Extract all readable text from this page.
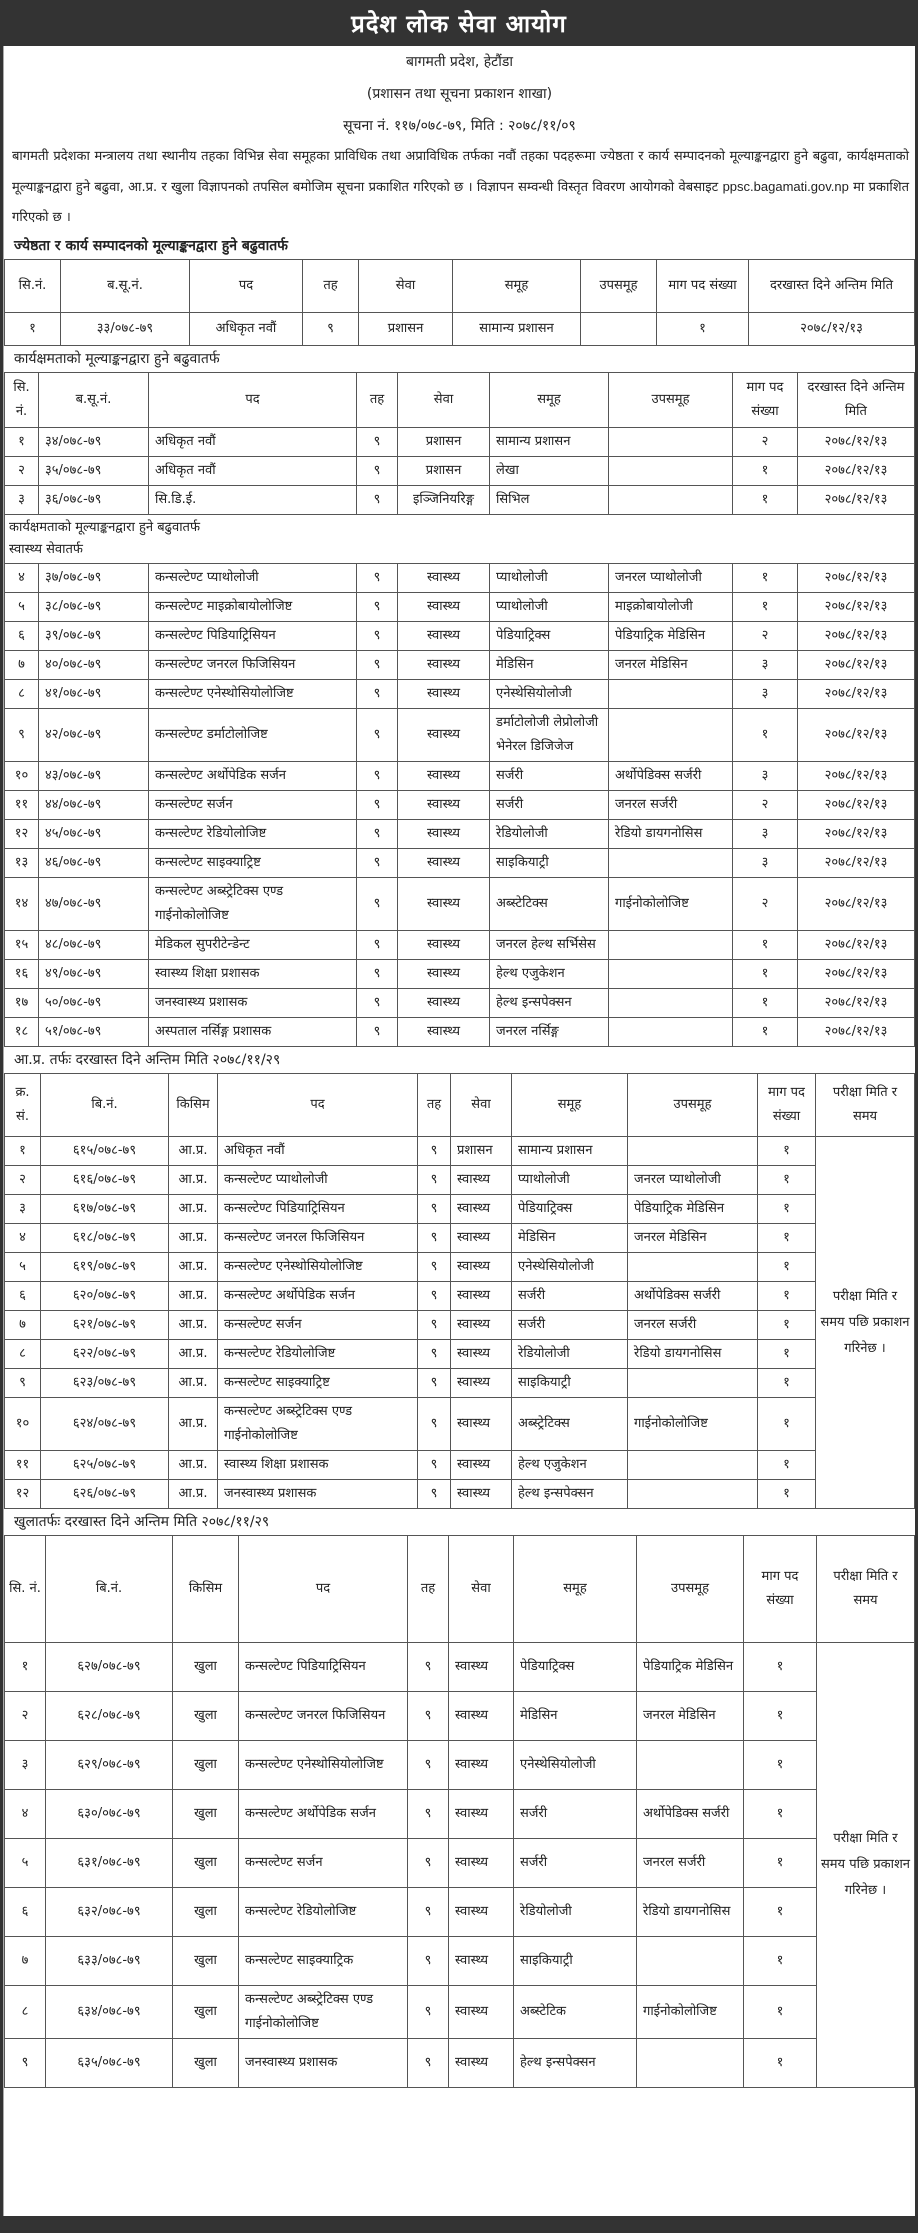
प्रदेश लोक सेवा आयोग
बागमती प्रदेश, हेटौंडा
(प्रशासन तथा सूचना प्रकाशन शाखा)
सूचना नं. ११७/०७८-७९, मिति : २०७८/११/०९
बागमती प्रदेशका मन्त्रालय तथा स्थानीय तहका विभिन्न सेवा समूहका प्राविधिक तथा अप्राविधिक तर्फका नवौं तहका पदहरूमा ज्येष्ठता र कार्य सम्पादनको मूल्याङ्कनद्वारा हुने बढुवा, कार्यक्षमताको मूल्याङ्कनद्वारा हुने बढुवा, आ.प्र. र खुला विज्ञापनको तपसिल बमोजिम सूचना प्रकाशित गरिएको छ । विज्ञापन सम्वन्धी विस्तृत विवरण आयोगको वेबसाइट ppsc.bagamati.gov.np मा प्रकाशित गरिएको छ ।
ज्येष्ठता र कार्य सम्पादनको मूल्याङ्कनद्वारा हुने बढुवातर्फ
सि.नं.	ब.सू.नं.	पद	तह	सेवा	समूह	उपसमूह	माग पद संख्या	दरखास्त दिने अन्तिम मिति
१	३३/०७८-७९	अधिकृत नवौं	९	प्रशासन	सामान्य प्रशासन		१	२०७८/१२/१३
कार्यक्षमताको मूल्याङ्कनद्वारा हुने बढुवातर्फ
सि. नं.	ब.सू.नं.	पद	तह	सेवा	समूह	उपसमूह	माग पद संख्या	दरखास्त दिने अन्तिम मिति
१	३४/०७८-७९	अधिकृत नवौं	९	प्रशासन	सामान्य प्रशासन		२	२०७८/१२/१३
२	३५/०७८-७९	अधिकृत नवौं	९	प्रशासन	लेखा		१	२०७८/१२/१३
३	३६/०७८-७९	सि.डि.ई.	९	इञ्जिनियरिङ्ग	सिभिल		१	२०७८/१२/१३

कार्यक्षमताको मूल्याङ्कनद्वारा हुने बढुवातर्फ
स्वास्थ्य सेवातर्फ								

४	३७/०७८-७९	कन्सल्टेण्ट प्याथोलोजी	९	स्वास्थ्य	प्याथोलोजी	जनरल प्याथोलोजी	१	२०७८/१२/१३
५	३८/०७८-७९	कन्सल्टेण्ट माइक्रोबायोलोजिष्ट	९	स्वास्थ्य	प्याथोलोजी	माइक्रोबायोलोजी	१	२०७८/१२/१३
६	३९/०७८-७९	कन्सल्टेण्ट पिडियाट्रिसियन	९	स्वास्थ्य	पेडियाट्रिक्स	पेडियाट्रिक मेडिसिन	२	२०७८/१२/१३
७	४०/०७८-७९	कन्सल्टेण्ट जनरल फिजिसियन	९	स्वास्थ्य	मेडिसिन	जनरल मेडिसिन	३	२०७८/१२/१३
८	४१/०७८-७९	कन्सल्टेण्ट एनेस्थोसियोलोजिष्ट	९	स्वास्थ्य	एनेस्थेसियोलोजी		३	२०७८/१२/१३
९	४२/०७८-७९	कन्सल्टेण्ट डर्माटोलोजिष्ट	९	स्वास्थ्य	डर्माटोलोजी लेप्रोलोजी भेनेरल डिजिजेज		१	२०७८/१२/१३
१०	४३/०७८-७९	कन्सल्टेण्ट अर्थोपेडिक सर्जन	९	स्वास्थ्य	सर्जरी	अर्थोपेडिक्स सर्जरी	३	२०७८/१२/१३
११	४४/०७८-७९	कन्सल्टेण्ट सर्जन	९	स्वास्थ्य	सर्जरी	जनरल सर्जरी	२	२०७८/१२/१३
१२	४५/०७८-७९	कन्सल्टेण्ट रेडियोलोजिष्ट	९	स्वास्थ्य	रेडियोलोजी	रेडियो डायगनोसिस	३	२०७८/१२/१३
१३	४६/०७८-७९	कन्सल्टेण्ट साइक्याट्रिष्ट	९	स्वास्थ्य	साइकियाट्री		३	२०७८/१२/१३
१४	४७/०७८-७९	कन्सल्टेण्ट अब्स्ट्रेटिक्स एण्ड गाईनोकोलोजिष्ट	९	स्वास्थ्य	अब्स्टेटिक्स	गाईनोकोलोजिष्ट	२	२०७८/१२/१३
१५	४८/०७८-७९	मेडिकल सुपरीटेन्डेन्ट	९	स्वास्थ्य	जनरल हेल्थ सर्भिसेस		१	२०७८/१२/१३
१६	४९/०७८-७९	स्वास्थ्य शिक्षा प्रशासक	९	स्वास्थ्य	हेल्थ एजुकेशन		१	२०७८/१२/१३
१७	५०/०७८-७९	जनस्वास्थ्य प्रशासक	९	स्वास्थ्य	हेल्थ इन्सपेक्सन		१	२०७८/१२/१३
१८	५१/०७८-७९	अस्पताल नर्सिङ्ग प्रशासक	९	स्वास्थ्य	जनरल नर्सिङ्ग		१	२०७८/१२/१३
आ.प्र. तर्फः दरखास्त दिने अन्तिम मिति २०७८/११/२९
क्र. सं.	बि.नं.	किसिम	पद	तह	सेवा	समूह	उपसमूह	माग पद संख्या	परीक्षा मिति र समय
१	६१५/०७८-७९	आ.प्र.	अधिकृत नवौं	९	प्रशासन	सामान्य प्रशासन		१	परीक्षा मिति र समय पछि प्रकाशन गरिनेछ ।
२	६१६/०७८-७९	आ.प्र.	कन्सल्टेण्ट प्याथोलोजी	९	स्वास्थ्य	प्याथोलोजी	जनरल प्याथोलोजी	१	
३	६१७/०७८-७९	आ.प्र.	कन्सल्टेण्ट पिडियाट्रिसियन	९	स्वास्थ्य	पेडियाट्रिक्स	पेडियाट्रिक मेडिसिन	१	
४	६१८/०७८-७९	आ.प्र.	कन्सल्टेण्ट जनरल फिजिसियन	९	स्वास्थ्य	मेडिसिन	जनरल मेडिसिन	१	
५	६१९/०७८-७९	आ.प्र.	कन्सल्टेण्ट एनेस्थोसियोलोजिष्ट	९	स्वास्थ्य	एनेस्थेसियोलोजी		१	
६	६२०/०७८-७९	आ.प्र.	कन्सल्टेण्ट अर्थोपेडिक सर्जन	९	स्वास्थ्य	सर्जरी	अर्थोपेडिक्स सर्जरी	१	
७	६२१/०७८-७९	आ.प्र.	कन्सल्टेण्ट सर्जन	९	स्वास्थ्य	सर्जरी	जनरल सर्जरी	१	
८	६२२/०७८-७९	आ.प्र.	कन्सल्टेण्ट रेडियोलोजिष्ट	९	स्वास्थ्य	रेडियोलोजी	रेडियो डायगनोसिस	१	
९	६२३/०७८-७९	आ.प्र.	कन्सल्टेण्ट साइक्याट्रिष्ट	९	स्वास्थ्य	साइकियाट्री		१	
१०	६२४/०७८-७९	आ.प्र.	कन्सल्टेण्ट अब्स्ट्रेटिक्स एण्ड गाईनोकोलोजिष्ट	९	स्वास्थ्य	अब्स्ट्रेटिक्स	गाईनोकोलोजिष्ट	१	
११	६२५/०७८-७९	आ.प्र.	स्वास्थ्य शिक्षा प्रशासक	९	स्वास्थ्य	हेल्थ एजुकेशन		१	
१२	६२६/०७८-७९	आ.प्र.	जनस्वास्थ्य प्रशासक	९	स्वास्थ्य	हेल्थ इन्सपेक्सन		१	
खुलातर्फः दरखास्त दिने अन्तिम मिति २०७८/११/२९
सि. नं.	बि.नं.	किसिम	पद	तह	सेवा	समूह	उपसमूह	माग पद संख्या	परीक्षा मिति र समय
१	६२७/०७८-७९	खुला	कन्सल्टेण्ट पिडियाट्रिसियन	९	स्वास्थ्य	पेडियाट्रिक्स	पेडियाट्रिक मेडिसिन	१	परीक्षा मिति र समय पछि प्रकाशन गरिनेछ ।
२	६२८/०७८-७९	खुला	कन्सल्टेण्ट जनरल फिजिसियन	९	स्वास्थ्य	मेडिसिन	जनरल मेडिसिन	१	
३	६२९/०७८-७९	खुला	कन्सल्टेण्ट एनेस्थोसियोलोजिष्ट	९	स्वास्थ्य	एनेस्थेसियोलोजी		१	
४	६३०/०७८-७९	खुला	कन्सल्टेण्ट अर्थोपेडिक सर्जन	९	स्वास्थ्य	सर्जरी	अर्थोपेडिक्स सर्जरी	१	
५	६३१/०७८-७९	खुला	कन्सल्टेण्ट सर्जन	९	स्वास्थ्य	सर्जरी	जनरल सर्जरी	१	
६	६३२/०७८-७९	खुला	कन्सल्टेण्ट रेडियोलोजिष्ट	९	स्वास्थ्य	रेडियोलोजी	रेडियो डायगनोसिस	१	
७	६३३/०७८-७९	खुला	कन्सल्टेण्ट साइक्याट्रिक	९	स्वास्थ्य	साइकियाट्री		१	
८	६३४/०७८-७९	खुला	कन्सल्टेण्ट अब्स्ट्रेटिक्स एण्ड गाईनोकोलोजिष्ट	९	स्वास्थ्य	अब्स्टेटिक	गाईनोकोलोजिष्ट	१	
९	६३५/०७८-७९	खुला	जनस्वास्थ्य प्रशासक	९	स्वास्थ्य	हेल्थ इन्सपेक्सन		१	
